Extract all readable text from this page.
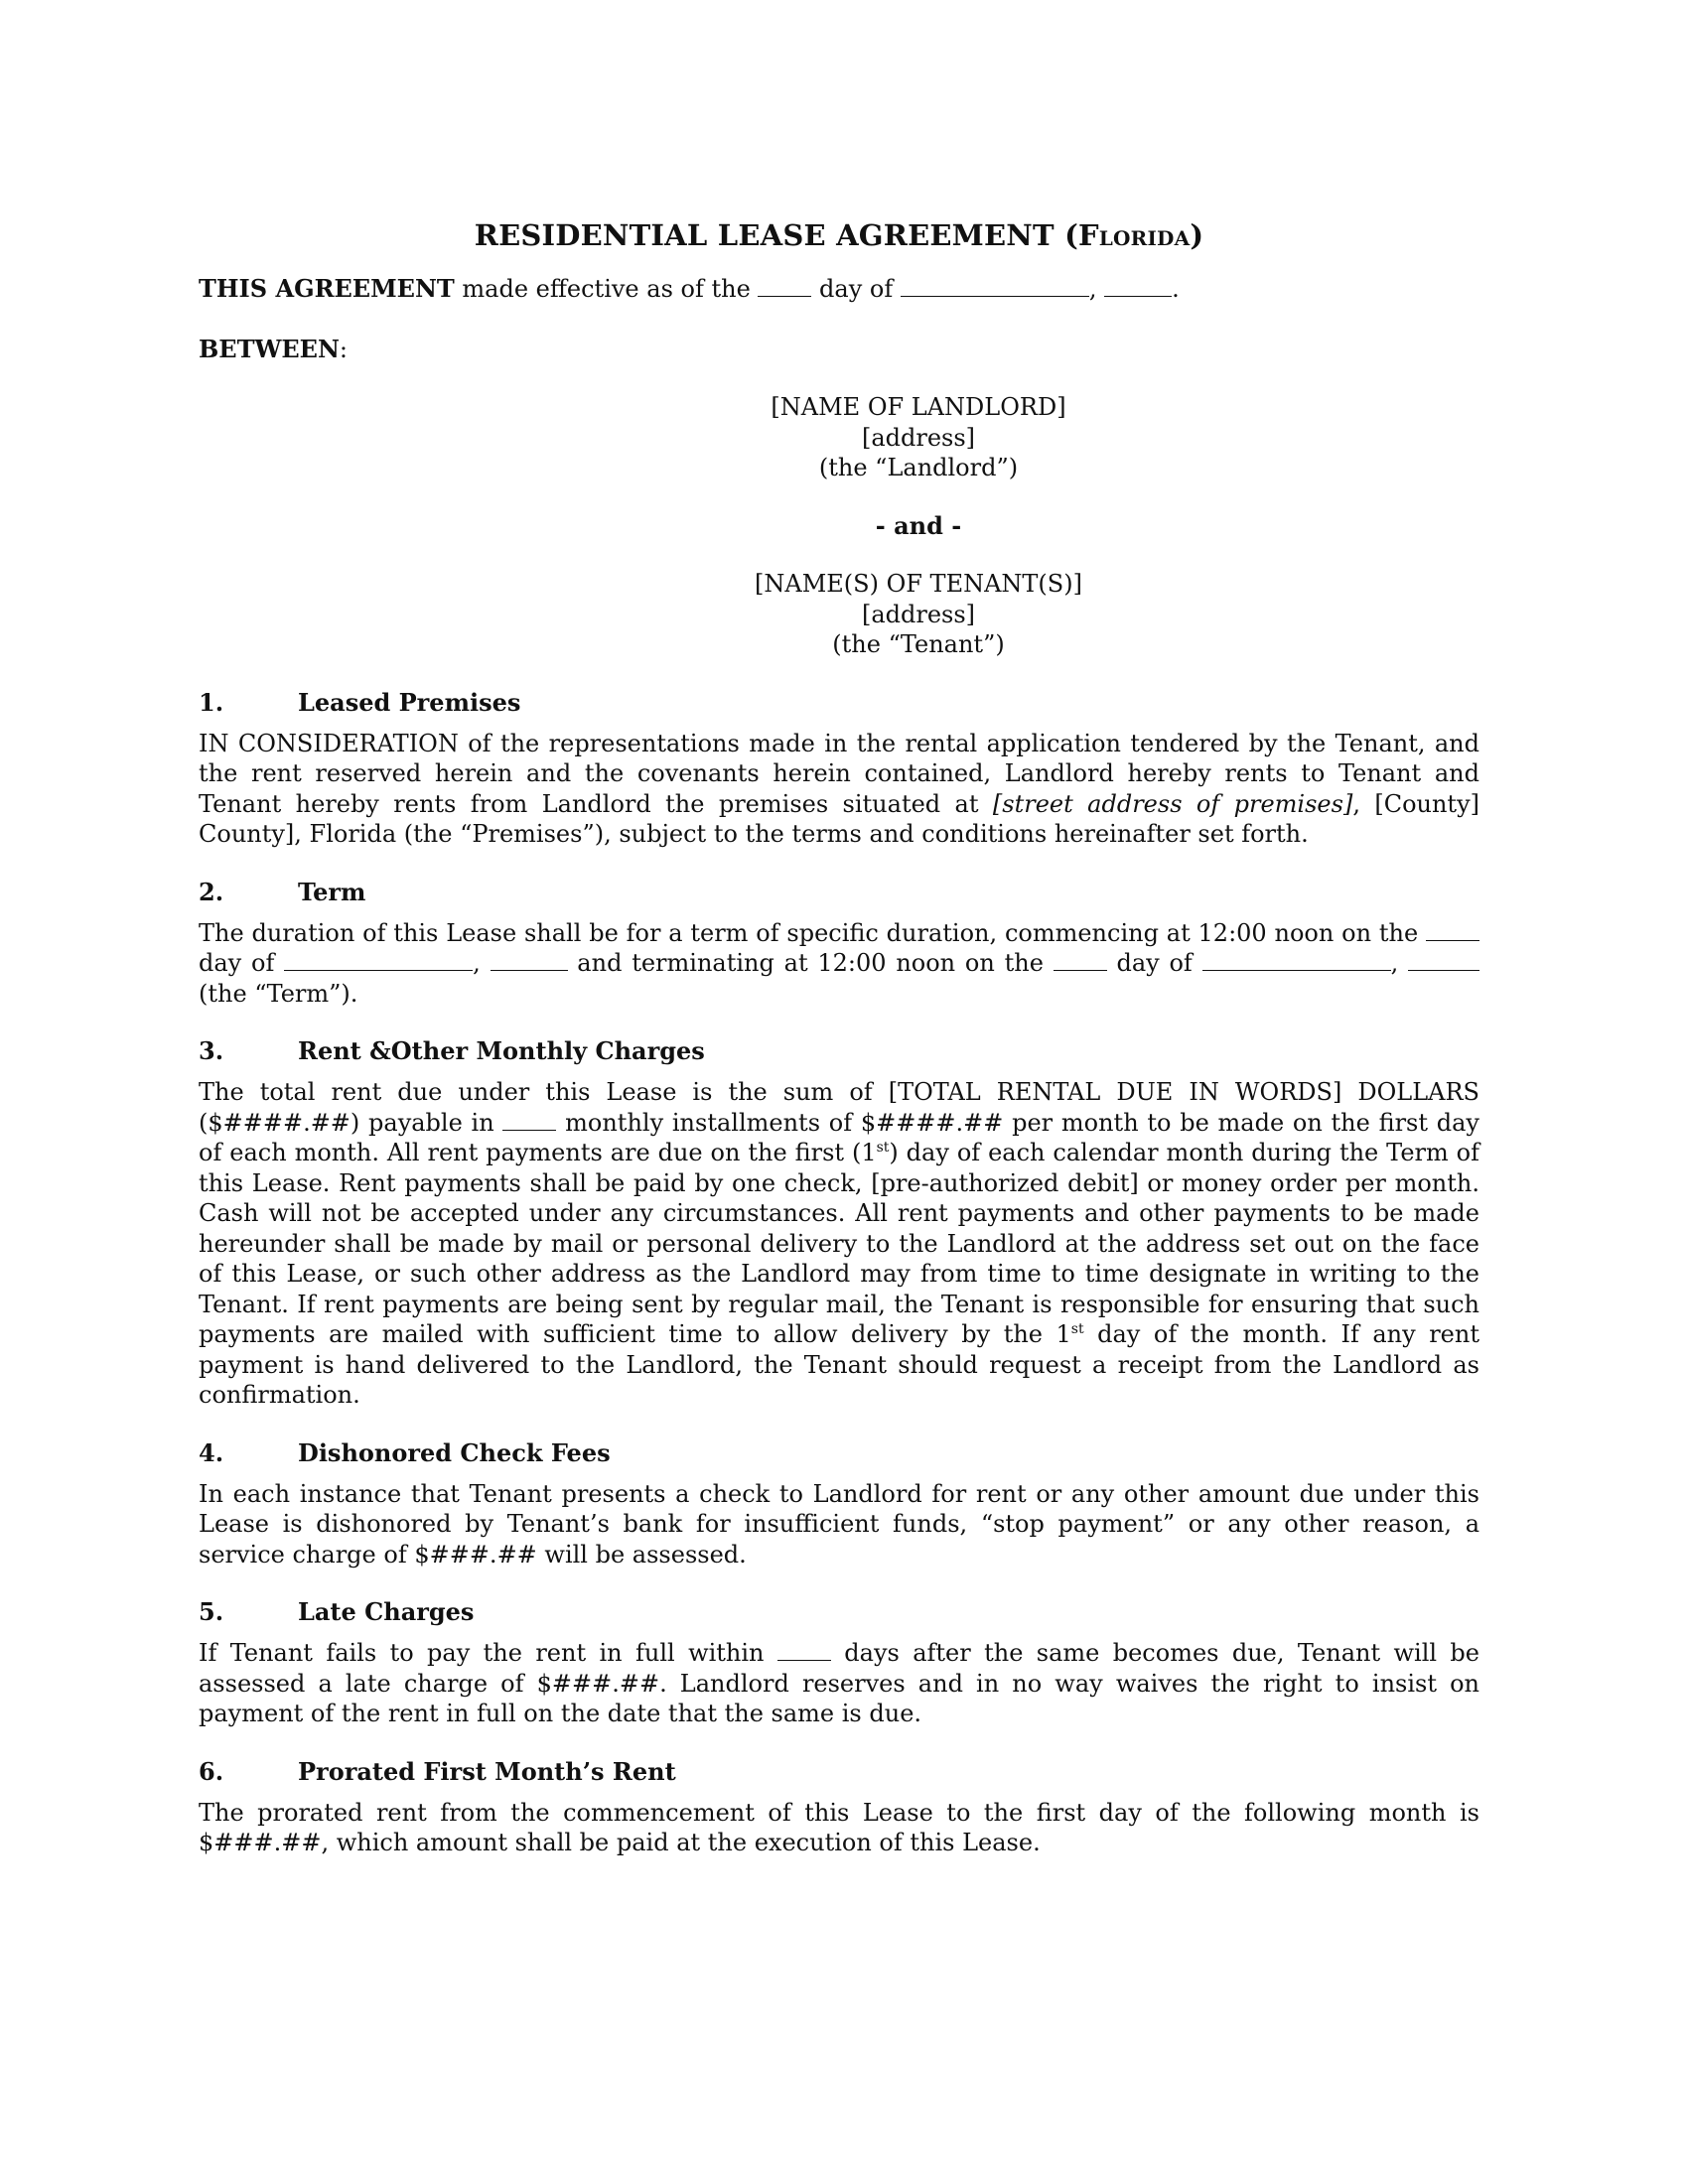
RESIDENTIAL LEASE AGREEMENT (Florida)

THIS AGREEMENT made effective as of the  day of	,	.

BETWEEN:

[NAME OF LANDLORD]
[address]
(the “Landlord”)
- and -
[NAME(S) OF TENANT(S)]
[address]
(the “Tenant”)
1.	Leased Premises

IN CONSIDERATION of the representations made in the rental application tendered by the Tenant, and the rent reserved herein and the covenants herein contained, Landlord hereby rents to Tenant and Tenant hereby rents from Landlord the premises situated at [street address of premises], [County] County], Florida (the “Premises”), subject to the terms and conditions hereinafter set forth.

2.	Term

The duration of this Lease shall be for a term of specific duration, commencing at 12:00 noon on the  day of	,	and terminating at 12:00 noon on the  day of	,  (the “Term”).

3.	Rent &Other Monthly Charges

The total rent due under this Lease is the sum of [TOTAL RENTAL DUE IN WORDS] DOLLARS ($####.##) payable in  monthly installments of $####.## per month to be made on the first day of each month. All rent payments are due on the first (1st) day of each calendar month during the Term of this Lease. Rent payments shall be paid by one check, [pre-authorized debit] or money order per month. Cash will not be accepted under any circumstances. All rent payments and other payments to be made hereunder shall be made by mail or personal delivery to the Landlord at the address set out on the face of this Lease, or such other address as the Landlord may from time to time designate in writing to the Tenant. If rent payments are being sent by regular mail, the Tenant is responsible for ensuring that such payments are mailed with sufficient time to allow delivery by the 1st day of the month. If any rent payment is hand delivered to the Landlord, the Tenant should request a receipt from the Landlord as confirmation.

4.	Dishonored Check Fees

In each instance that Tenant presents a check to Landlord for rent or any other amount due under this Lease is dishonored by Tenant’s bank for insufficient funds, “stop payment” or any other reason, a service charge of $###.## will be assessed.

5.	Late Charges

If Tenant fails to pay the rent in full within  days after the same becomes due, Tenant will be assessed a late charge of $###.##. Landlord reserves and in no way waives the right to insist on payment of the rent in full on the date that the same is due.

6.	Prorated First Month’s Rent

The prorated rent from the commencement of this Lease to the first day of the following month is $###.##, which amount shall be paid at the execution of this Lease.
